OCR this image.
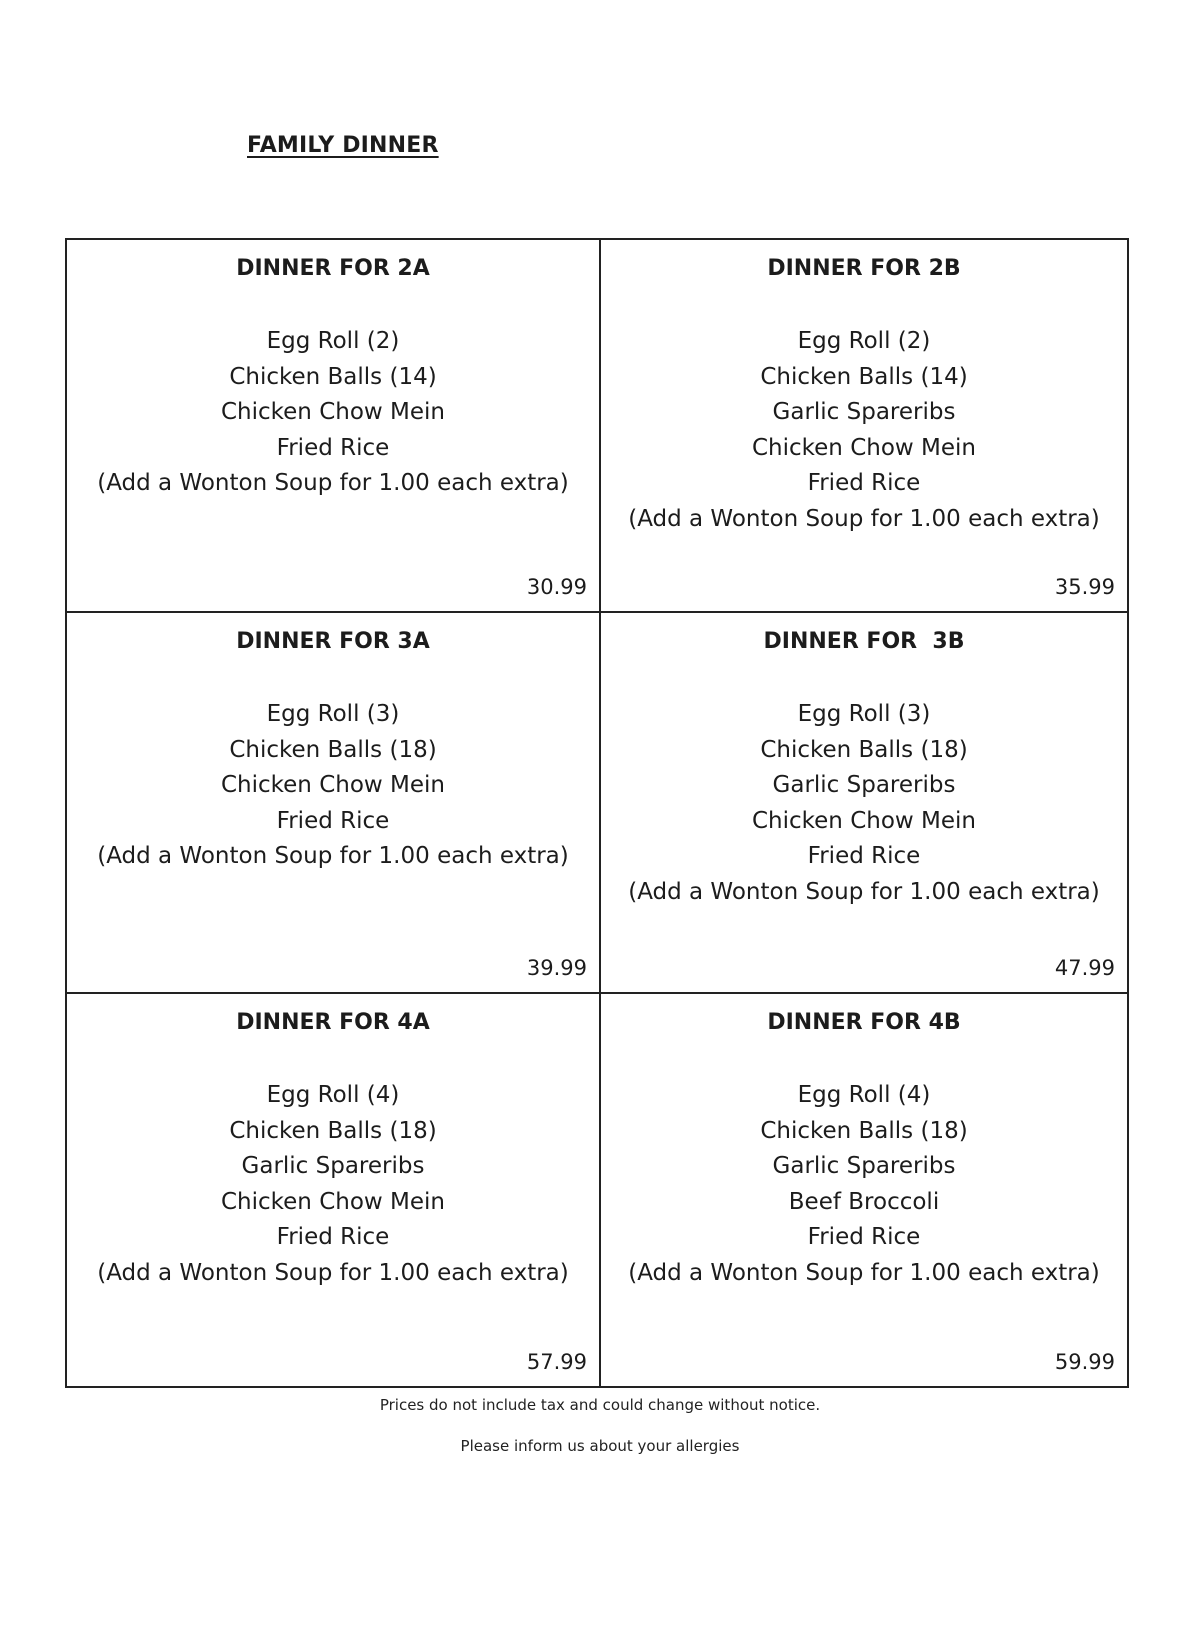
FAMILY DINNER
DINNER FOR 2A
Egg Roll (2)
Chicken Balls (14)
Chicken Chow Mein
Fried Rice
(Add a Wonton Soup for 1.00 each extra)
30.99
DINNER FOR 2B
Egg Roll (2)
Chicken Balls (14)
Garlic Spareribs
Chicken Chow Mein
Fried Rice
(Add a Wonton Soup for 1.00 each extra)
35.99
DINNER FOR 3A
Egg Roll (3)
Chicken Balls (18)
Chicken Chow Mein
Fried Rice
(Add a Wonton Soup for 1.00 each extra)
39.99
DINNER FOR  3B
Egg Roll (3)
Chicken Balls (18)
Garlic Spareribs
Chicken Chow Mein
Fried Rice
(Add a Wonton Soup for 1.00 each extra)
47.99
DINNER FOR 4A
Egg Roll (4)
Chicken Balls (18)
Garlic Spareribs
Chicken Chow Mein
Fried Rice
(Add a Wonton Soup for 1.00 each extra)
57.99
DINNER FOR 4B
Egg Roll (4)
Chicken Balls (18)
Garlic Spareribs
Beef Broccoli
Fried Rice
(Add a Wonton Soup for 1.00 each extra)
59.99
Prices do not include tax and could change without notice.
Please inform us about your allergies
